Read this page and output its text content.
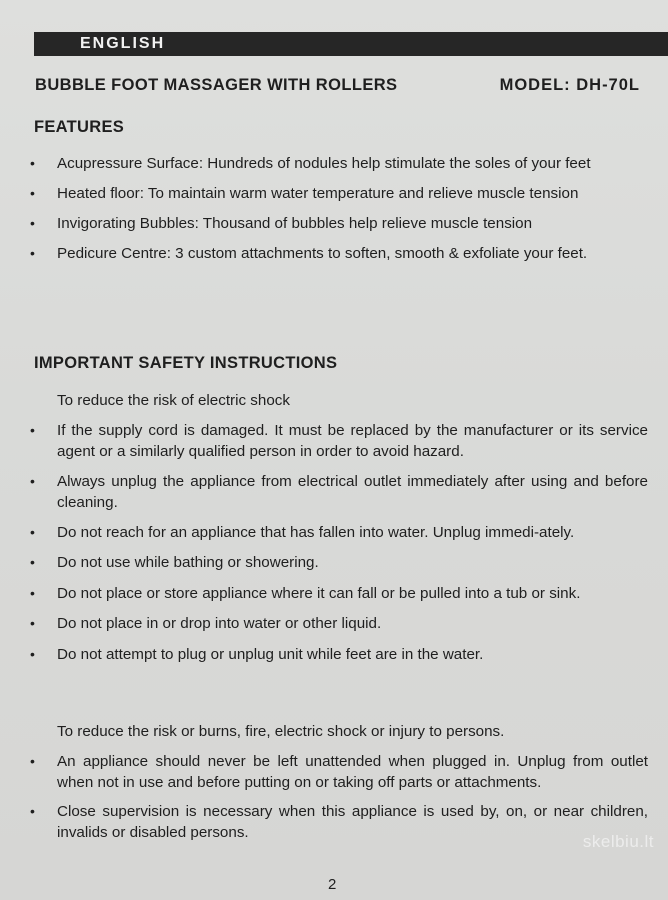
ENGLISH
BUBBLE FOOT MASSAGER WITH ROLLERS	MODEL: DH-70L
FEATURES
• Acupressure Surface: Hundreds of nodules help stimulate the soles of your feet
• Heated floor: To maintain warm water temperature and relieve muscle tension
• Invigorating Bubbles: Thousand of bubbles help relieve muscle tension
• Pedicure Centre: 3 custom attachments to soften, smooth & exfoliate your feet.
IMPORTANT SAFETY INSTRUCTIONS
To reduce the risk of electric shock
• If the supply cord is damaged. It must be replaced by the manufacturer or its service agent or a similarly qualified person in order to avoid hazard.
• Always unplug the appliance from electrical outlet immediately after using and before cleaning.
• Do not reach for an appliance that has fallen into water. Unplug immedi-ately.
• Do not use while bathing or showering.
• Do not place or store appliance where it can fall or be pulled into a tub or sink.
• Do not place in or drop into water or other liquid.
• Do not attempt to plug or unplug unit while feet are in the water.
To reduce the risk or burns, fire, electric shock or injury to persons.
• An appliance should never be left unattended when plugged in. Unplug from outlet when not in use and before putting on or taking off parts or attachments.
• Close supervision is necessary when this appliance is used by, on, or near children, invalids or disabled persons.	skelbiu.lt
2
